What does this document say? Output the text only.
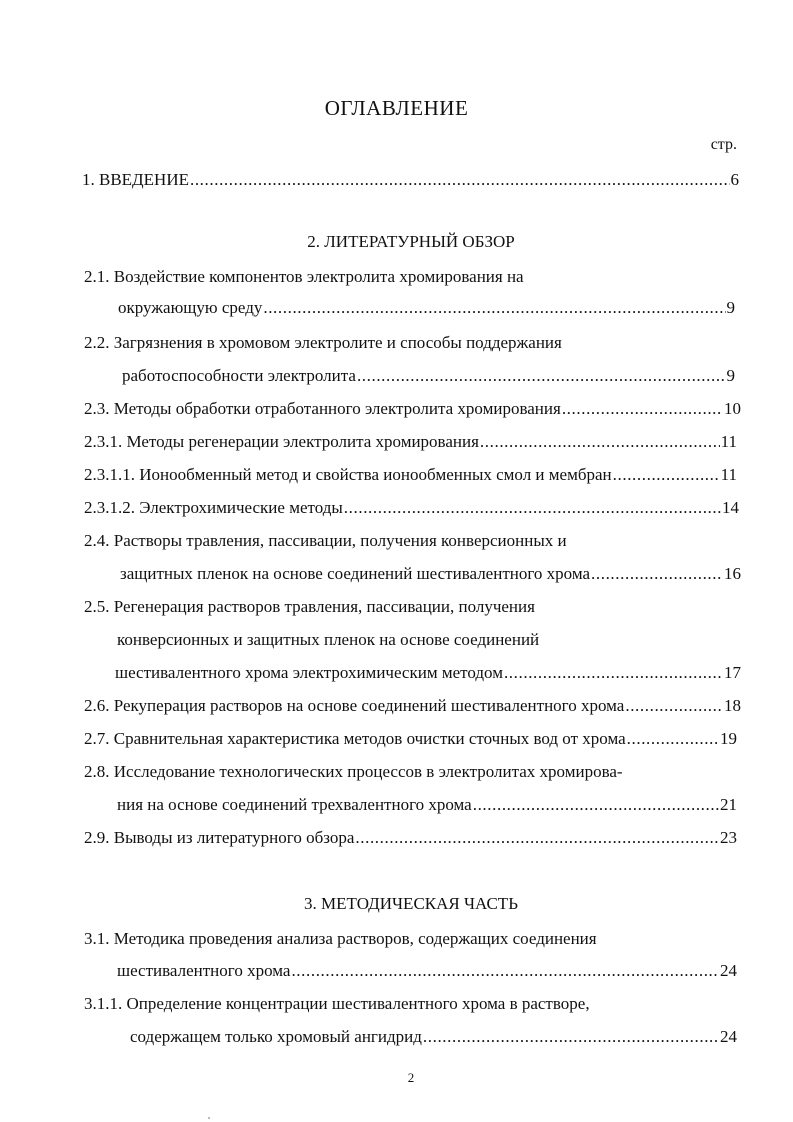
ОГЛАВЛЕНИЕ
стр.
1. ВВЕДЕНИЕ .....	6
2. ЛИТЕРАТУРНЫЙ ОБЗОР
2.1. Воздействие компонентов электролита хромирования на
окружающую среду .....	9
2.2. Загрязнения в хромовом электролите и способы поддержания
работоспособности электролита .....	9
2.3. Методы обработки отработанного электролита хромирования .....	10
2.3.1. Методы регенерации электролита хромирования .....	11
2.3.1.1. Ионообменный метод и свойства ионообменных смол и мембран .....	11
2.3.1.2. Электрохимические методы .....	14
2.4. Растворы травления, пассивации, получения конверсионных и
защитных пленок на основе соединений шестивалентного хрома .....	16
2.5. Регенерация растворов травления, пассивации, получения
конверсионных и защитных пленок на основе соединений
шестивалентного хрома электрохимическим методом .....	17
2.6. Рекуперация растворов на основе соединений шестивалентного хрома .....	18
2.7. Сравнительная характеристика методов очистки сточных вод от хрома .....	19
2.8. Исследование технологических процессов в электролитах хромирова-
ния на основе соединений трехвалентного хрома .....	21
2.9. Выводы из литературного обзора .....	23
3. МЕТОДИЧЕСКАЯ ЧАСТЬ
3.1. Методика проведения анализа растворов, содержащих соединения
шестивалентного хрома .....	24
3.1.1. Определение концентрации шестивалентного хрома в растворе,
содержащем только хромовый ангидрид .....	24
2
